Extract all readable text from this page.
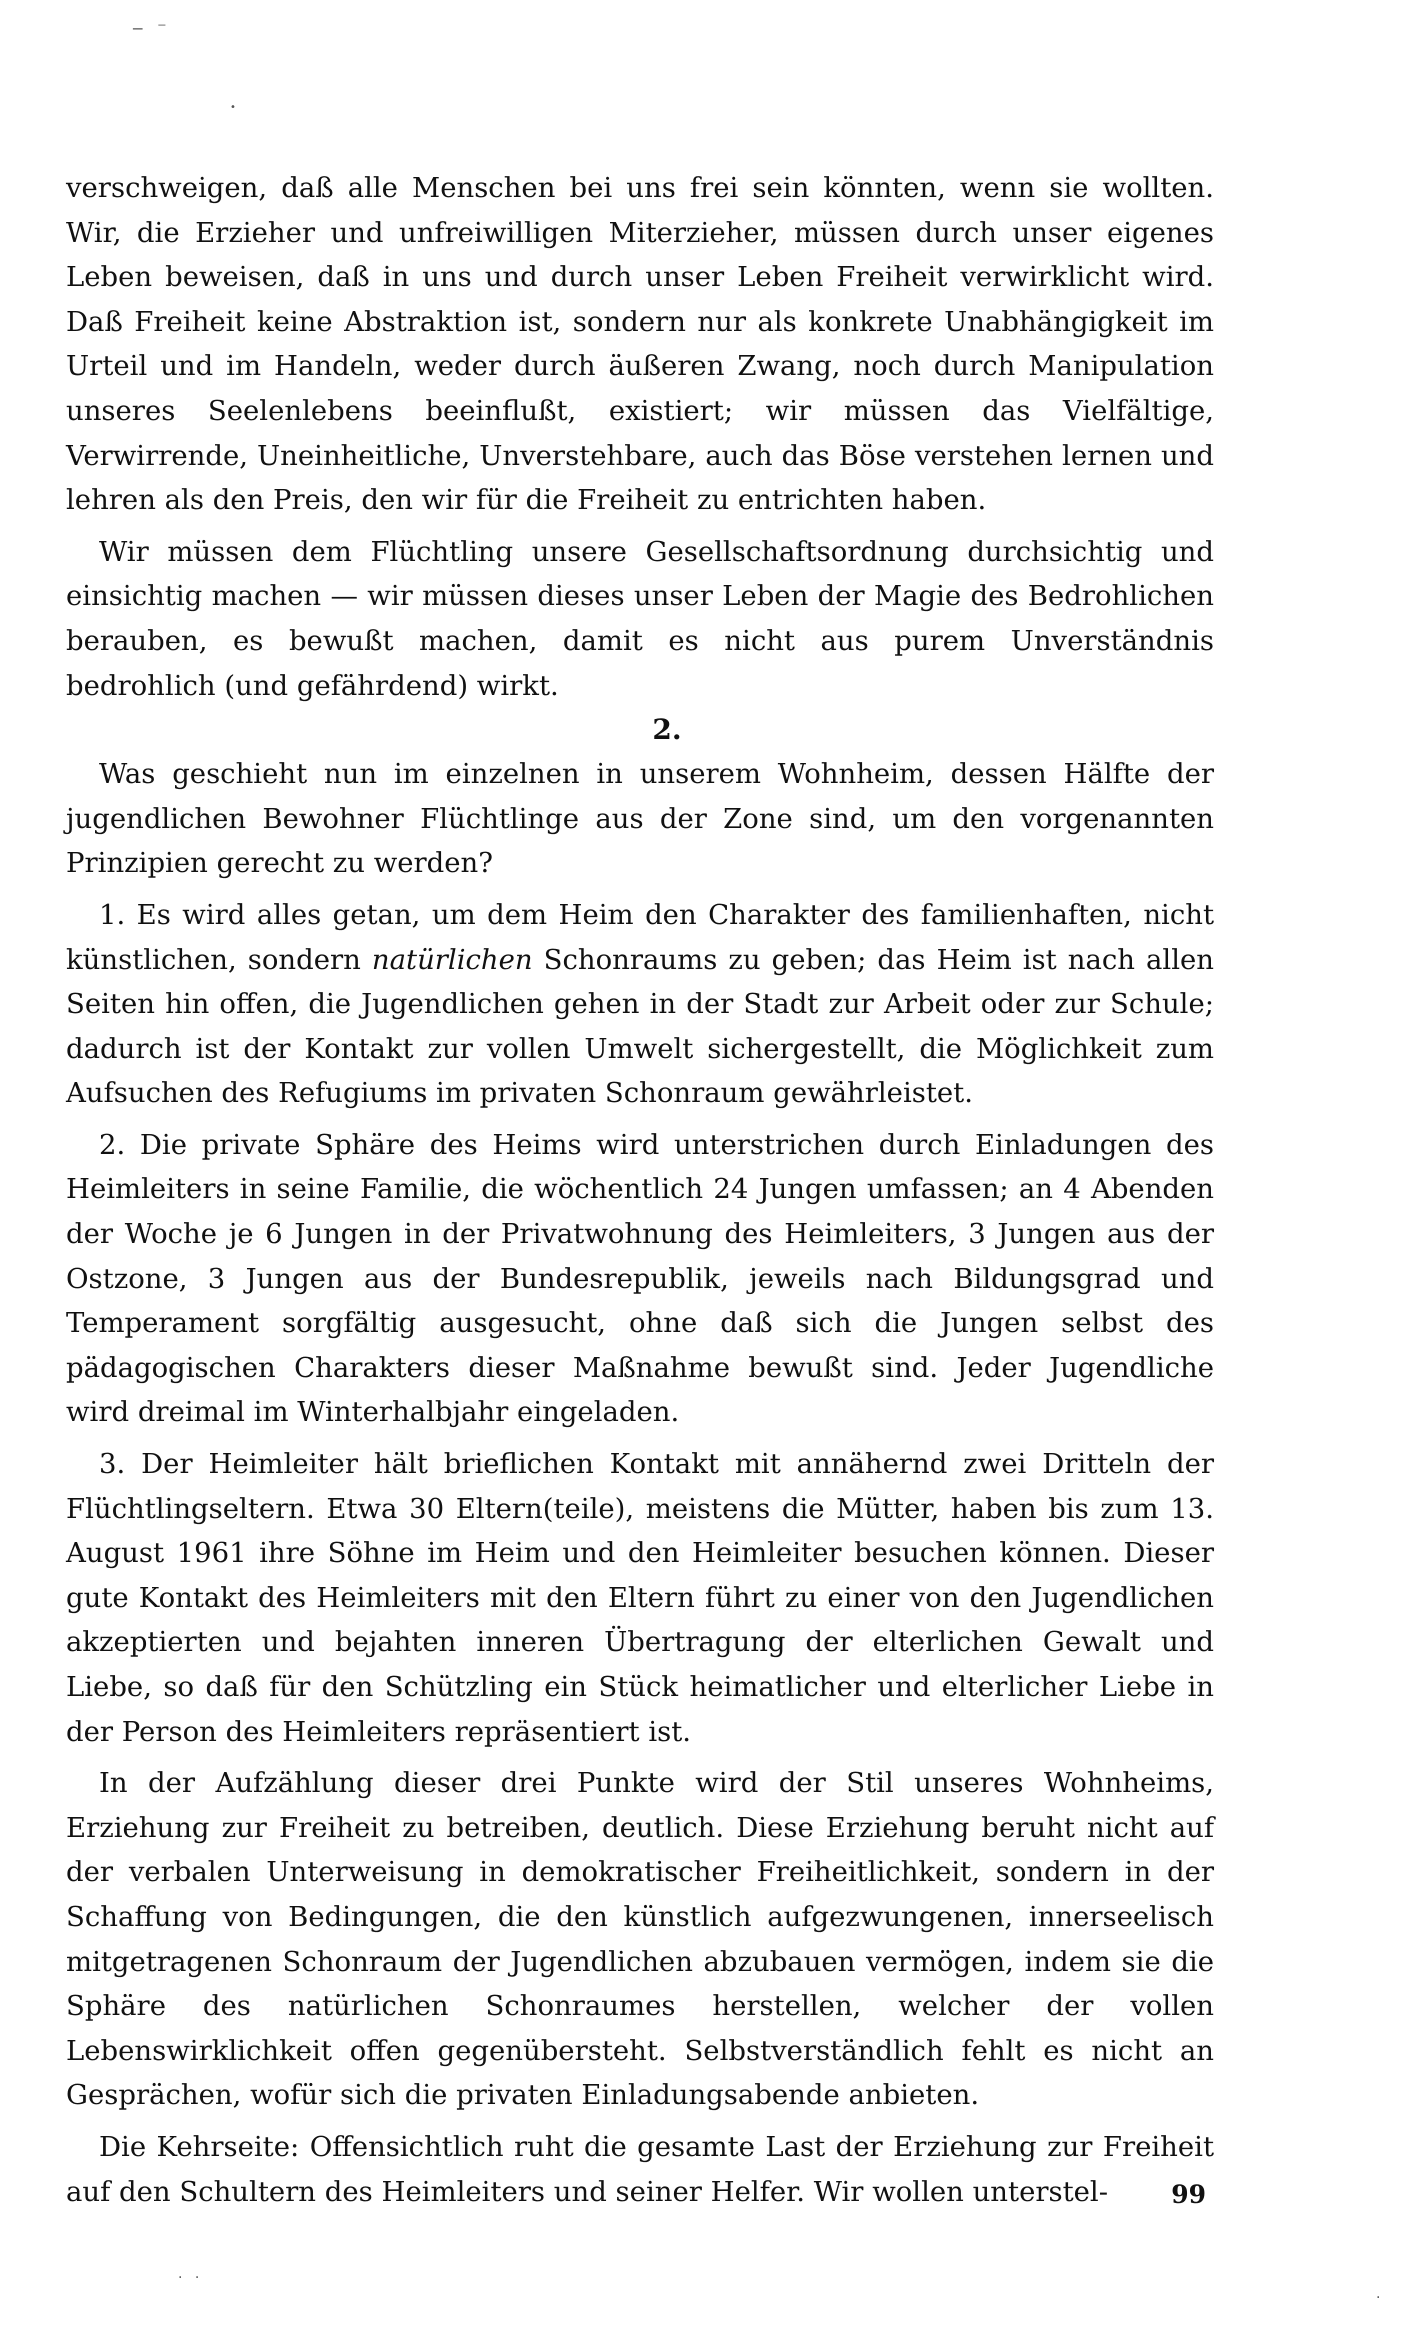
‒ ⁻
•

verschweigen, daß alle Menschen bei uns frei sein könnten, wenn sie wollten. Wir, die Erzieher und unfreiwilligen Miterzieher, müssen durch unser eigenes Leben beweisen, daß in uns und durch unser Leben Freiheit verwirklicht wird. Daß Freiheit keine Abstraktion ist, sondern nur als konkrete Unabhängigkeit im Urteil und im Handeln, weder durch äußeren Zwang, noch durch Manipulation unseres Seelenlebens beeinflußt, existiert; wir müssen das Vielfältige, Verwirrende, Uneinheitliche, Unverstehbare, auch das Böse verstehen lernen und lehren als den Preis, den wir für die Freiheit zu entrichten haben.

Wir müssen dem Flüchtling unsere Gesellschaftsordnung durchsichtig und einsichtig machen — wir müssen dieses unser Leben der Magie des Bedrohlichen berauben, es bewußt machen, damit es nicht aus purem Unverständnis bedrohlich (und gefährdend) wirkt.

2.

Was geschieht nun im einzelnen in unserem Wohnheim, dessen Hälfte der jugendlichen Bewohner Flüchtlinge aus der Zone sind, um den vorgenannten Prinzipien gerecht zu werden?

1. Es wird alles getan, um dem Heim den Charakter des familienhaften, nicht künstlichen, sondern natürlichen Schonraums zu geben; das Heim ist nach allen Seiten hin offen, die Jugendlichen gehen in der Stadt zur Arbeit oder zur Schule; dadurch ist der Kontakt zur vollen Umwelt sichergestellt, die Möglichkeit zum Aufsuchen des Refugiums im privaten Schonraum gewährleistet.

2. Die private Sphäre des Heims wird unterstrichen durch Einladungen des Heimleiters in seine Familie, die wöchentlich 24 Jungen umfassen; an 4 Abenden der Woche je 6 Jungen in der Privatwohnung des Heimleiters, 3 Jungen aus der Ostzone, 3 Jungen aus der Bundesrepublik, jeweils nach Bildungsgrad und Temperament sorgfältig ausgesucht, ohne daß sich die Jungen selbst des pädagogischen Charakters dieser Maßnahme bewußt sind. Jeder Jugendliche wird dreimal im Winterhalbjahr eingeladen.

3. Der Heimleiter hält brieflichen Kontakt mit annähernd zwei Dritteln der Flüchtlingseltern. Etwa 30 Eltern(teile), meistens die Mütter, haben bis zum 13. August 1961 ihre Söhne im Heim und den Heimleiter besuchen können. Dieser gute Kontakt des Heimleiters mit den Eltern führt zu einer von den Jugendlichen akzeptierten und bejahten inneren Übertragung der elterlichen Gewalt und Liebe, so daß für den Schützling ein Stück heimatlicher und elterlicher Liebe in der Person des Heimleiters repräsentiert ist.

In der Aufzählung dieser drei Punkte wird der Stil unseres Wohnheims, Erziehung zur Freiheit zu betreiben, deutlich. Diese Erziehung beruht nicht auf der verbalen Unterweisung in demokratischer Freiheitlichkeit, sondern in der Schaffung von Bedingungen, die den künstlich aufgezwungenen, innerseelisch mitgetragenen Schonraum der Jugendlichen abzubauen vermögen, indem sie die Sphäre des natürlichen Schonraumes herstellen, welcher der vollen Lebenswirklichkeit offen gegenübersteht. Selbstverständlich fehlt es nicht an Gesprächen, wofür sich die privaten Einladungsabende anbieten.

Die Kehrseite: Offensichtlich ruht die gesamte Last der Erziehung zur Freiheit auf den Schultern des Heimleiters und seiner Helfer. Wir wollen unterstel-	99
· ·
·
